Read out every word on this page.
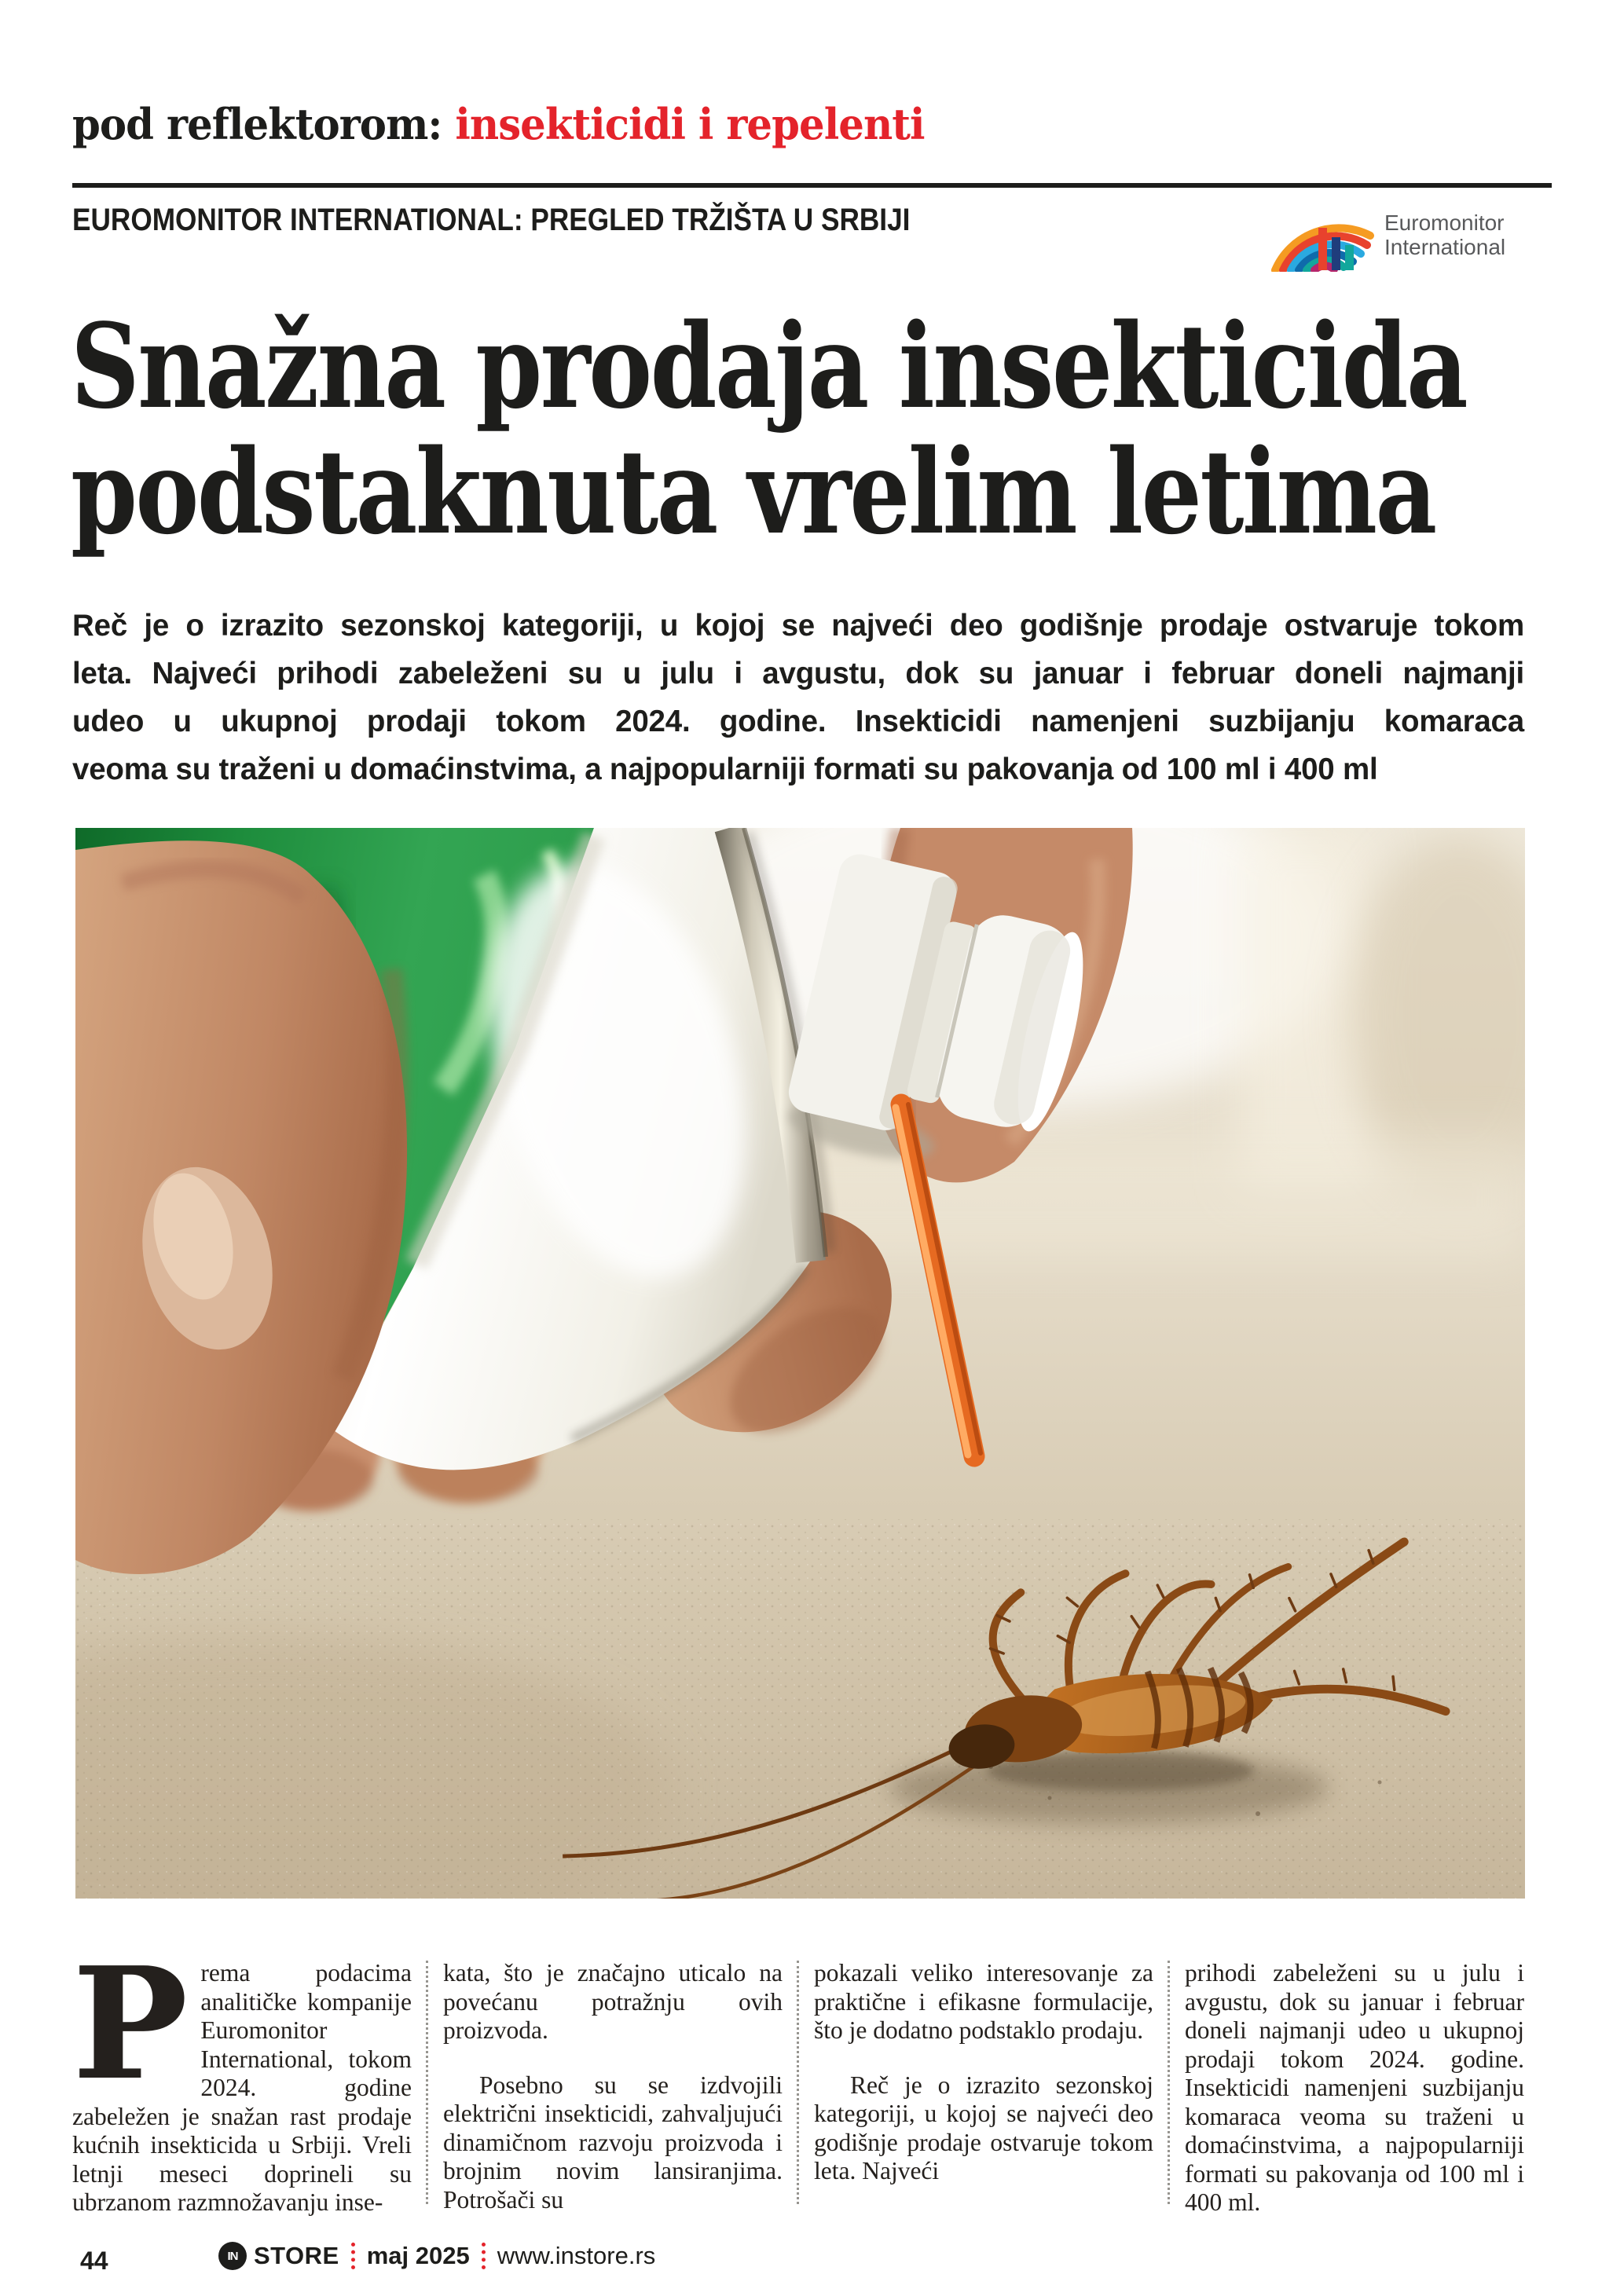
pod reflektorom: insekticidi i repelenti
EUROMONITOR INTERNATIONAL: PREGLED TRŽIŠTA U SRBIJI	Euromonitor
International
Snažna prodaja insekticida
podstaknuta vrelim letima
Reč je o izrazito sezonskoj kategoriji, u kojoj se najveći deo godišnje prodaje ostvaruje tokom
leta. Najveći prihodi zabeleženi su u julu i avgustu, dok su januar i februar doneli najmanji
udeo u ukupnoj prodaji tokom 2024. godine. Insekticidi namenjeni suzbijanju komaraca
veoma su traženi u domaćinstvima, a najpopularniji formati su pakovanja od 100 ml i 400 ml

Prema podacima analitičke kompanije Euromonitor International, tokom 2024. godine zabeležen je snažan rast prodaje kućnih insekticida u Srbiji. Vreli letnji meseci doprineli su ubrzanom razmnožavanju inse-

kata, što je značajno uticalo na povećanu potražnju ovih proizvoda.

Posebno su se izdvojili električni insekticidi, zahvaljujući dinamičnom razvoju proizvoda i brojnim novim lansiranjima. Potrošači su

pokazali veliko interesovanje za praktične i efikasne formulacije, što je dodatno podstaklo prodaju.

Reč je o izrazito sezonskoj kategoriji, u kojoj se najveći deo godišnje prodaje ostvaruje tokom leta. Najveći

prihodi zabeleženi su u julu i avgustu, dok su januar i februar doneli najmanji udeo u ukupnoj prodaji tokom 2024. godine. Insekticidi namenjeni suzbijanju komaraca veoma su traženi u domaćinstvima, a najpopularniji formati su pakovanja od 100 ml i 400 ml.

44	IN STORE maj 2025 www.instore.rs
